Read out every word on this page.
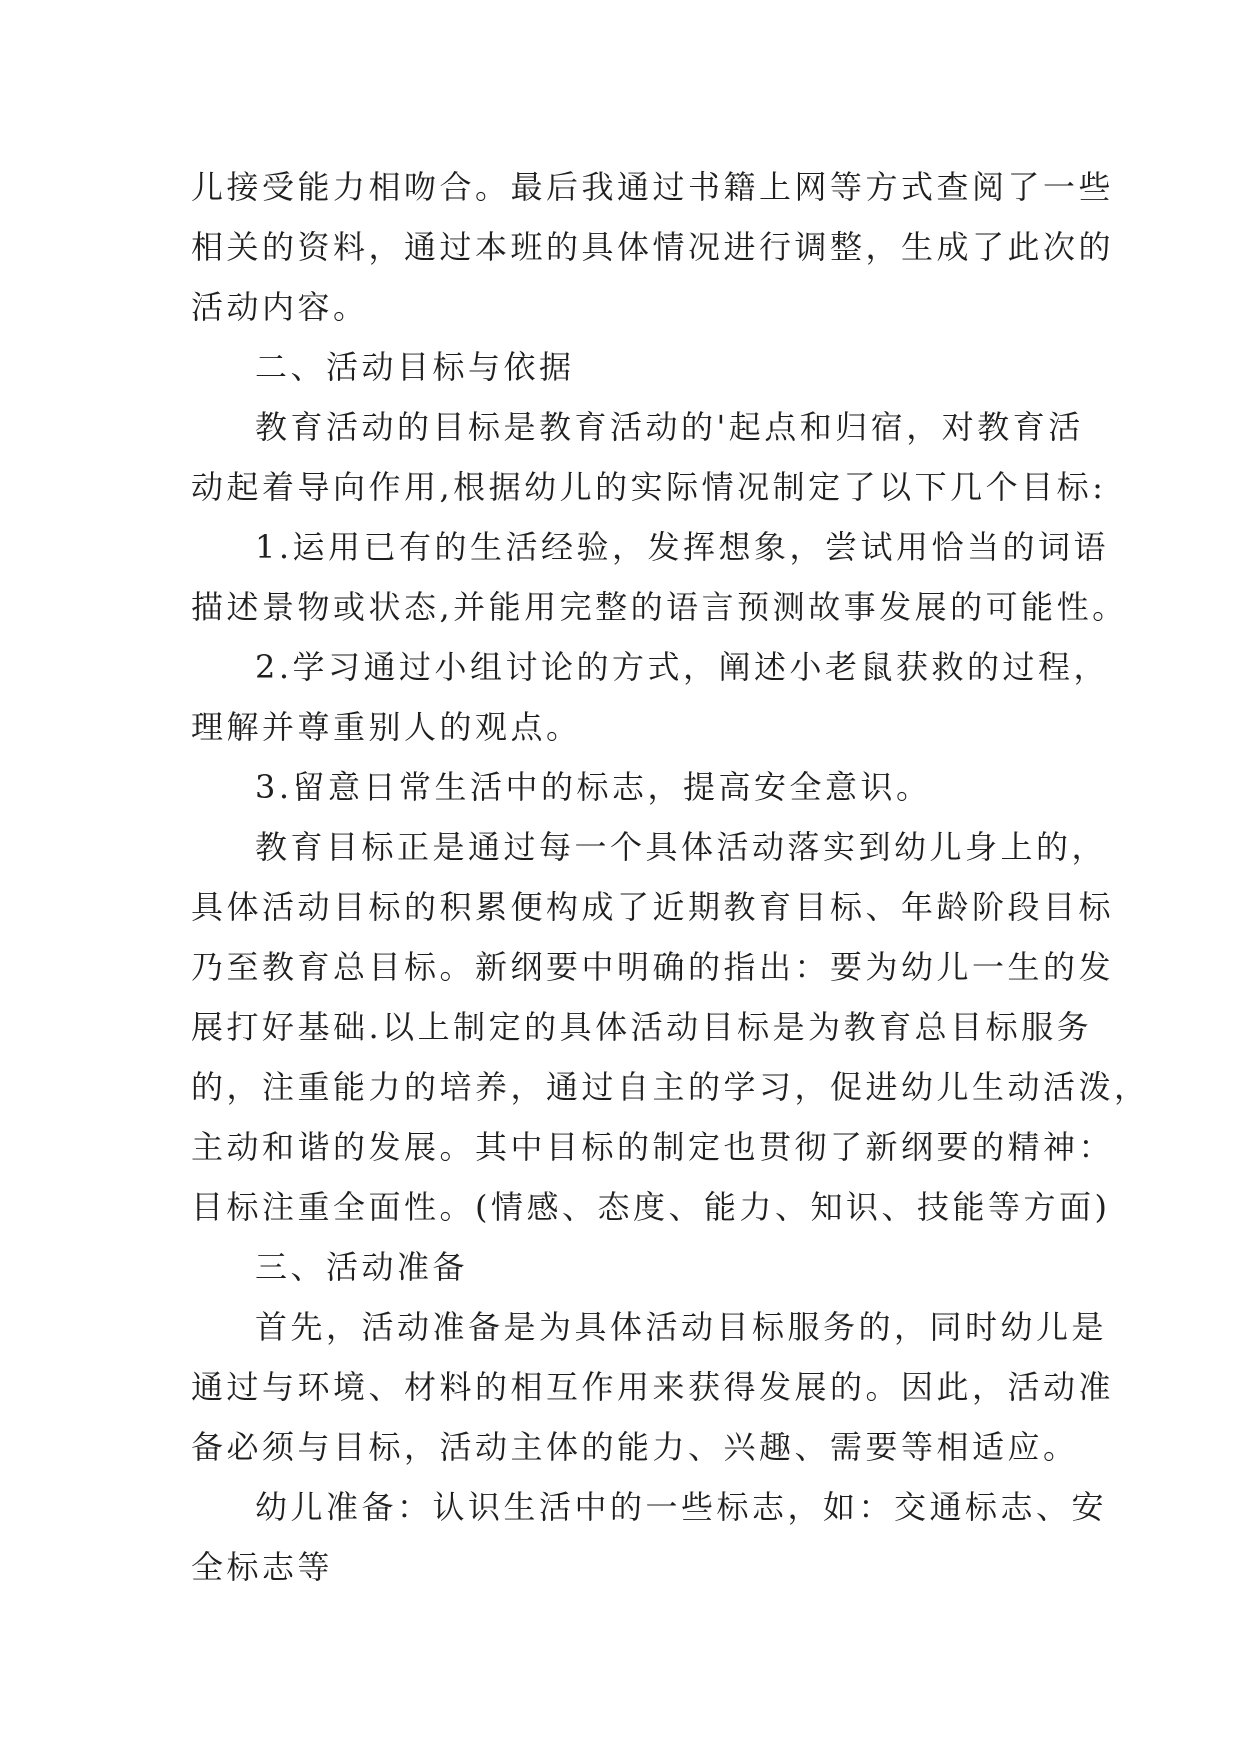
儿接受能力相吻合。最后我通过书籍上网等方式查阅了一些
相关的资料，通过本班的具体情况进行调整，生成了此次的
活动内容。

二、活动目标与依据

教育活动的目标是教育活动的'起点和归宿，对教育活
动起着导向作用,根据幼儿的实际情况制定了以下几个目标:

1.运用已有的生活经验，发挥想象，尝试用恰当的词语
描述景物或状态,并能用完整的语言预测故事发展的可能性。

2.学习通过小组讨论的方式，阐述小老鼠获救的过程，
理解并尊重别人的观点。

3.留意日常生活中的标志，提高安全意识。

教育目标正是通过每一个具体活动落实到幼儿身上的，
具体活动目标的积累便构成了近期教育目标、年龄阶段目标
乃至教育总目标。新纲要中明确的指出：要为幼儿一生的发
展打好基础.以上制定的具体活动目标是为教育总目标服务
的，注重能力的培养，通过自主的学习，促进幼儿生动活泼，
主动和谐的发展。其中目标的制定也贯彻了新纲要的精神：
目标注重全面性。(情感、态度、能力、知识、技能等方面)

三、活动准备

首先，活动准备是为具体活动目标服务的，同时幼儿是
通过与环境、材料的相互作用来获得发展的。因此，活动准
备必须与目标，活动主体的能力、兴趣、需要等相适应。

幼儿准备：认识生活中的一些标志，如：交通标志、安
全标志等
